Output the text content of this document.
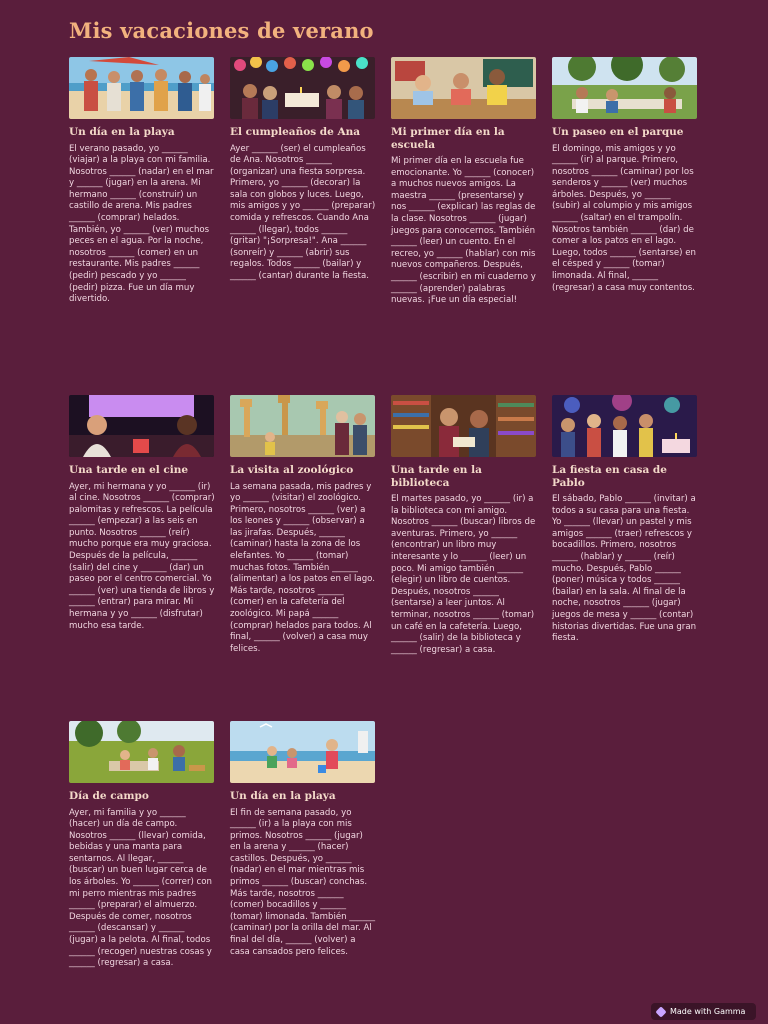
Mis vacaciones de verano

Un día en la playa

El verano pasado, yo ______ (viajar) a la playa con mi familia. Nosotros ______ (nadar) en el mar y ______ (jugar) en la arena. Mi hermano ______ (construir) un castillo de arena. Mis padres ______ (comprar) helados. También, yo ______ (ver) muchos peces en el agua. Por la noche, nosotros ______ (comer) en un restaurante. Mis padres ______ (pedir) pescado y yo ______ (pedir) pizza. Fue un día muy divertido.

El cumpleaños de Ana

Ayer ______ (ser) el cumpleaños de Ana. Nosotros ______ (organizar) una fiesta sorpresa. Primero, yo ______ (decorar) la sala con globos y luces. Luego, mis amigos y yo ______ (preparar) comida y refrescos. Cuando Ana ______ (llegar), todos ______ (gritar) "¡Sorpresa!". Ana ______ (sonreír) y ______ (abrir) sus regalos. Todos ______ (bailar) y ______ (cantar) durante la fiesta.

Mi primer día en la escuela

Mi primer día en la escuela fue emocionante. Yo ______ (conocer) a muchos nuevos amigos. La maestra ______ (presentarse) y nos ______ (explicar) las reglas de la clase. Nosotros ______ (jugar) juegos para conocernos. También ______ (leer) un cuento. En el recreo, yo ______ (hablar) con mis nuevos compañeros. Después, ______ (escribir) en mi cuaderno y ______ (aprender) palabras nuevas. ¡Fue un día especial!

Un paseo en el parque

El domingo, mis amigos y yo ______ (ir) al parque. Primero, nosotros ______ (caminar) por los senderos y ______ (ver) muchos árboles. Después, yo ______ (subir) al columpio y mis amigos ______ (saltar) en el trampolín. Nosotros también ______ (dar) de comer a los patos en el lago. Luego, todos ______ (sentarse) en el césped y ______ (tomar) limonada. Al final, ______ (regresar) a casa muy contentos.

Una tarde en el cine

Ayer, mi hermana y yo ______ (ir) al cine. Nosotros ______ (comprar) palomitas y refrescos. La película ______ (empezar) a las seis en punto. Nosotros ______ (reír) mucho porque era muy graciosa. Después de la película, ______ (salir) del cine y ______ (dar) un paseo por el centro comercial. Yo ______ (ver) una tienda de libros y ______ (entrar) para mirar. Mi hermana y yo ______ (disfrutar) mucho esa tarde.

La visita al zoológico

La semana pasada, mis padres y yo ______ (visitar) el zoológico. Primero, nosotros ______ (ver) a los leones y ______ (observar) a las jirafas. Después, ______ (caminar) hasta la zona de los elefantes. Yo ______ (tomar) muchas fotos. También ______ (alimentar) a los patos en el lago. Más tarde, nosotros ______ (comer) en la cafetería del zoológico. Mi papá ______ (comprar) helados para todos. Al final, ______ (volver) a casa muy felices.

Una tarde en la biblioteca

El martes pasado, yo ______ (ir) a la biblioteca con mi amigo. Nosotros ______ (buscar) libros de aventuras. Primero, yo ______ (encontrar) un libro muy interesante y lo ______ (leer) un poco. Mi amigo también ______ (elegir) un libro de cuentos. Después, nosotros ______ (sentarse) a leer juntos. Al terminar, nosotros ______ (tomar) un café en la cafetería. Luego, ______ (salir) de la biblioteca y ______ (regresar) a casa.

La fiesta en casa de Pablo

El sábado, Pablo ______ (invitar) a todos a su casa para una fiesta. Yo ______ (llevar) un pastel y mis amigos ______ (traer) refrescos y bocadillos. Primero, nosotros ______ (hablar) y ______ (reír) mucho. Después, Pablo ______ (poner) música y todos ______ (bailar) en la sala. Al final de la noche, nosotros ______ (jugar) juegos de mesa y ______ (contar) historias divertidas. Fue una gran fiesta.

Día de campo

Ayer, mi familia y yo ______ (hacer) un día de campo. Nosotros ______ (llevar) comida, bebidas y una manta para sentarnos. Al llegar, ______ (buscar) un buen lugar cerca de los árboles. Yo ______ (correr) con mi perro mientras mis padres ______ (preparar) el almuerzo. Después de comer, nosotros ______ (descansar) y ______ (jugar) a la pelota. Al final, todos ______ (recoger) nuestras cosas y ______ (regresar) a casa.

Un día en la playa

El fin de semana pasado, yo ______ (ir) a la playa con mis primos. Nosotros ______ (jugar) en la arena y ______ (hacer) castillos. Después, yo ______ (nadar) en el mar mientras mis primos ______ (buscar) conchas. Más tarde, nosotros ______ (comer) bocadillos y ______ (tomar) limonada. También ______ (caminar) por la orilla del mar. Al final del día, ______ (volver) a casa cansados pero felices.

Made with Gamma
